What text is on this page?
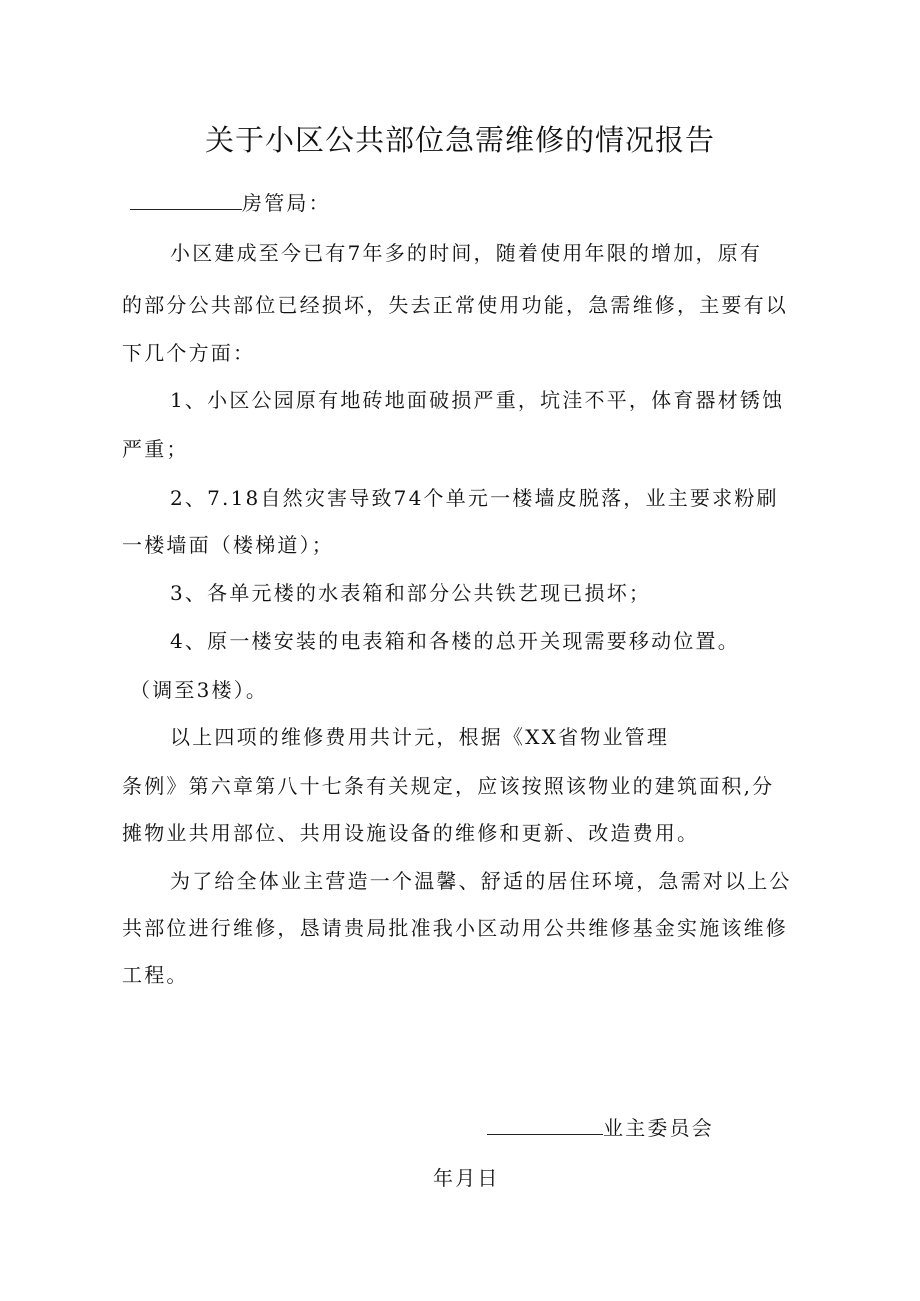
关于小区公共部位急需维修的情况报告
房管局：
小区建成至今已有7年多的时间，随着使用年限的增加，原有
的部分公共部位已经损坏，失去正常使用功能，急需维修，主要有以
下几个方面：
1、小区公园原有地砖地面破损严重，坑洼不平，体育器材锈蚀
严重；
2、7.18自然灾害导致74个单元一楼墙皮脱落，业主要求粉刷
一楼墙面（楼梯道）；
3、各单元楼的水表箱和部分公共铁艺现已损坏；
4、原一楼安装的电表箱和各楼的总开关现需要移动位置。
（调至3楼）。
以上四项的维修费用共计元，根据《XX省物业管理
条例》第六章第八十七条有关规定，应该按照该物业的建筑面积,分
摊物业共用部位、共用设施设备的维修和更新、改造费用。
为了给全体业主营造一个温馨、舒适的居住环境，急需对以上公
共部位进行维修，恳请贵局批准我小区动用公共维修基金实施该维修
工程。
业主委员会
年月日
